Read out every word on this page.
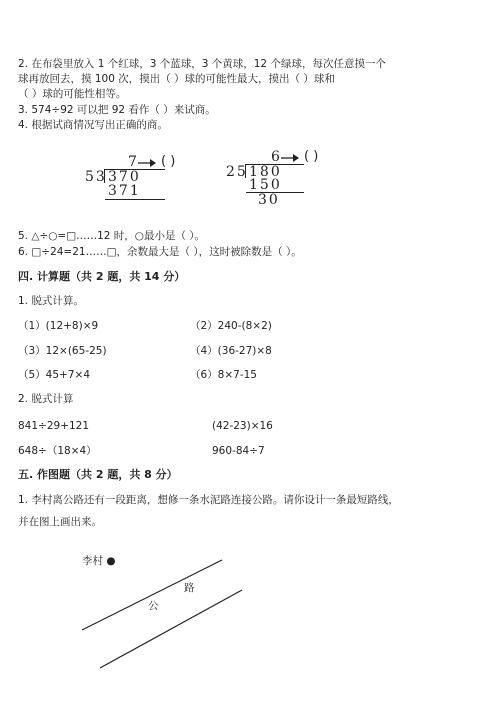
2. 在布袋里放入 1 个红球，3 个蓝球，3 个黄球，12 个绿球，每次任意摸一个
球再放回去，摸 100 次，摸出（ ）球的可能性最大，摸出（ ）球和
（ ）球的可能性相等。
3. 574÷92 可以把 92 看作（ ）来试商。
4. 根据试商情况写出正确的商。
7 ( )
53 370
371
6 ( )
25 180
150
30
5. △÷○=□……12 时，○最小是（ ）。
6. □÷24=21……□，余数最大是（ ），这时被除数是（ ）。
四. 计算题（共 2 题，共 14 分）
1. 脱式计算。
（1）(12+8)×9	（2）240-(8×2)
（3）12×(65-25)	（4）(36-27)×8
（5）45+7×4	（6）8×7-15
2. 脱式计算
841÷29+121	(42-23)×16
648÷（18×4）	960-84÷7
五. 作图题（共 2 题，共 8 分）
1. 李村离公路还有一段距离，想修一条水泥路连接公路。请你设计一条最短路线，
并在图上画出来。
李村 ●
公
路
